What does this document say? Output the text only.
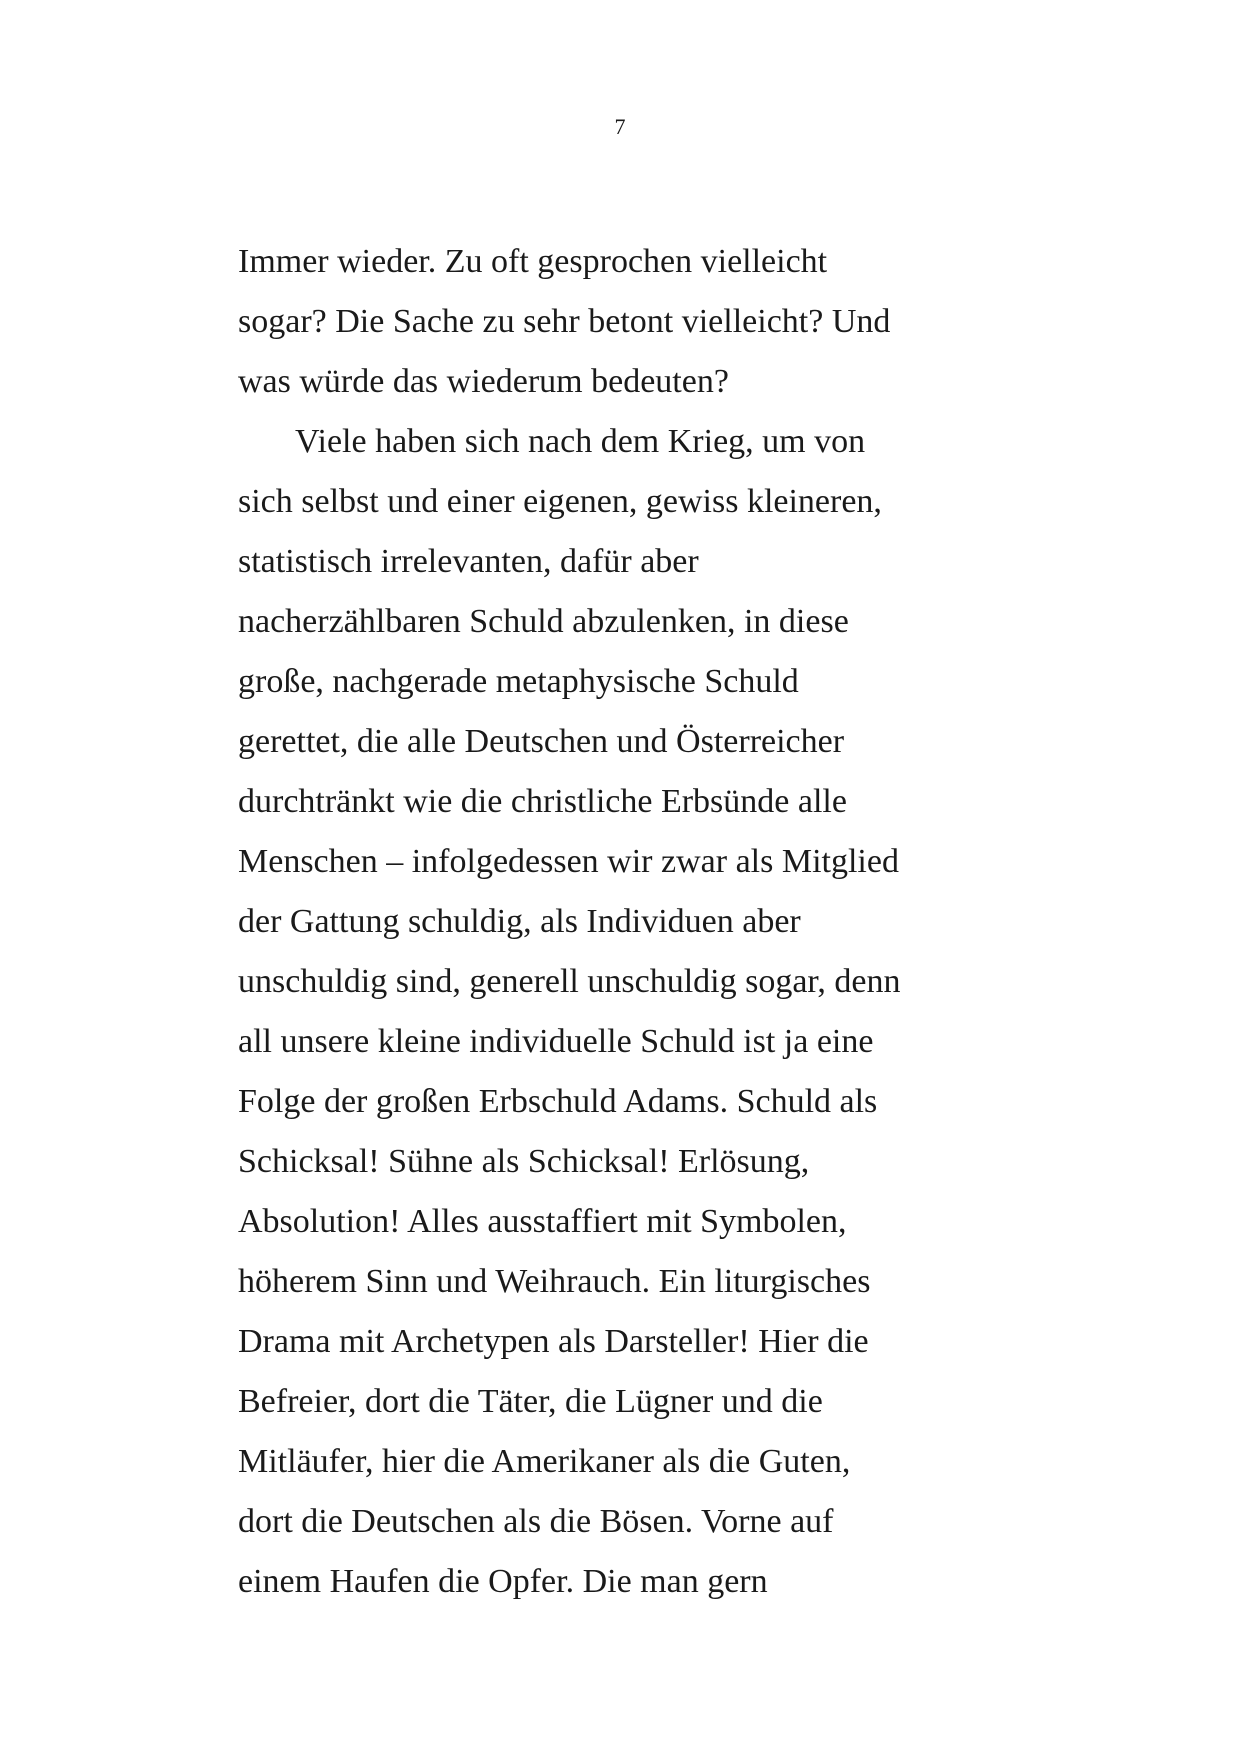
7
Immer wieder. Zu oft gesprochen vielleicht
sogar? Die Sache zu sehr betont vielleicht? Und
was würde das wiederum bedeuten?
Viele haben sich nach dem Krieg, um von
sich selbst und einer eigenen, gewiss kleineren,
statistisch irrelevanten, dafür aber
nacherzählbaren Schuld abzulenken, in diese
große, nachgerade metaphysische Schuld
gerettet, die alle Deutschen und Österreicher
durchtränkt wie die christliche Erbsünde alle
Menschen – infolgedessen wir zwar als Mitglied
der Gattung schuldig, als Individuen aber
unschuldig sind, generell unschuldig sogar, denn
all unsere kleine individuelle Schuld ist ja eine
Folge der großen Erbschuld Adams. Schuld als
Schicksal! Sühne als Schicksal! Erlösung,
Absolution! Alles ausstaffiert mit Symbolen,
höherem Sinn und Weihrauch. Ein liturgisches
Drama mit Archetypen als Darsteller! Hier die
Befreier, dort die Täter, die Lügner und die
Mitläufer, hier die Amerikaner als die Guten,
dort die Deutschen als die Bösen. Vorne auf
einem Haufen die Opfer. Die man gern
